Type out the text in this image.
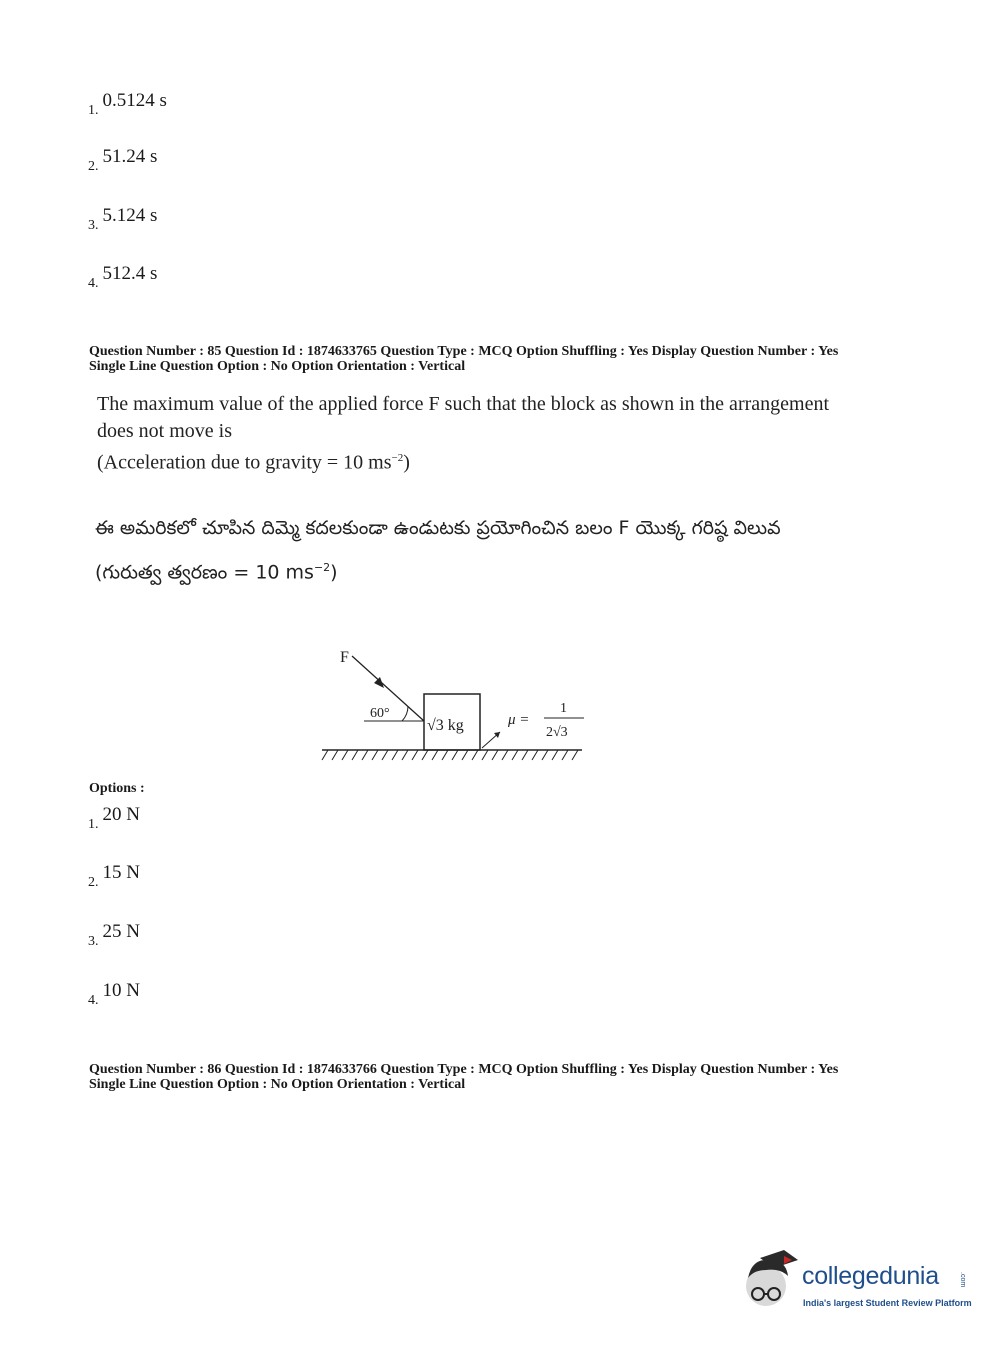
1. 0.5124 s
2. 51.24 s
3. 5.124 s
4. 512.4 s
Question Number : 85 Question Id : 1874633765 Question Type : MCQ Option Shuffling : Yes Display Question Number : Yes
Single Line Question Option : No Option Orientation : Vertical
The maximum value of the applied force F such that the block as shown in the arrangement
does not move is
(Acceleration due to gravity = 10 $ms^{-2}$)
ఈ అమరికలో చూపిన దిమ్మె కదలకుండా ఉండుటకు ప్రయోగించిన బలం F యొక్క గరిష్ఠ విలువ
(గురుత్వ త్వరణం = 10 $ms^{-2}$)
F
60°
√3 kg	μ =
1
2√3
Options :
1. 20 N
2. 15 N
3. 25 N
4. 10 N
Question Number : 86 Question Id : 1874633766 Question Type : MCQ Option Shuffling : Yes Display Question Number : Yes
Single Line Question Option : No Option Orientation : Vertical
collegedunia	.com
India's largest Student Review Platform
